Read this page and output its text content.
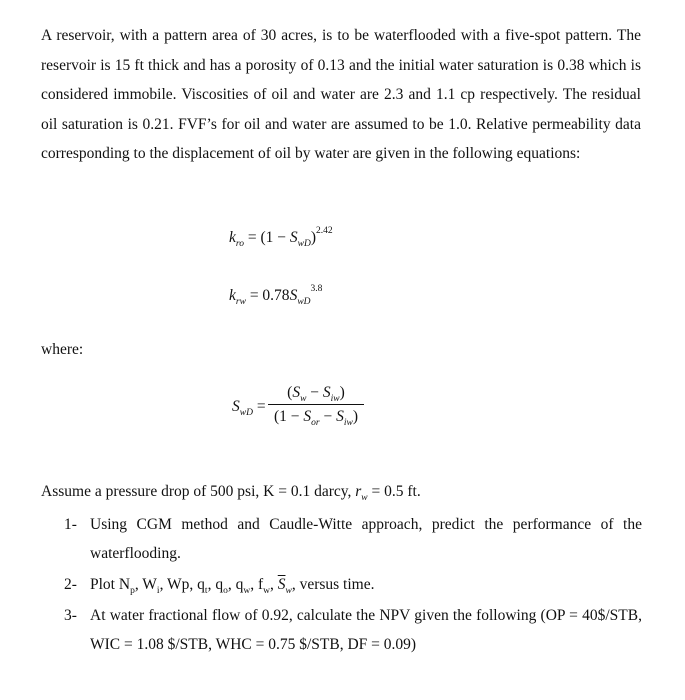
A reservoir, with a pattern area of 30 acres, is to be waterflooded with a five-spot pattern. The reservoir is 15 ft thick and has a porosity of 0.13 and the initial water saturation is 0.38 which is considered immobile. Viscosities of oil and water are 2.3 and 1.1 cp respectively. The residual oil saturation is 0.21. FVF’s for oil and water are assumed to be 1.0. Relative permeability data corresponding to the displacement of oil by water are given in the following equations:
$k_{ro} = (1 - S_{wD})^{2.42}$
$k_{rw} = 0.78S_{wD}^{3.8}$
where:
$S_{wD}$ =
$(S_w - S_{iw})$
$(1 - S_{or} - S_{iw})$
Assume a pressure drop of 500 psi, K = 0.1 darcy, $r_w = 0.5$ ft.
1- Using CGM method and Caudle-Witte approach, predict the performance of the waterflooding.
2- Plot $N_p$, $W_i$, Wp, $q_t$, $q_o$, $q_w$, $f_w$, $\overline{S}_w$, versus time.
3- At water fractional flow of 0.92, calculate the NPV given the following (OP = 40$/STB, WIC = 1.08 $/STB, WHC = 0.75 $/STB, DF = 0.09)
